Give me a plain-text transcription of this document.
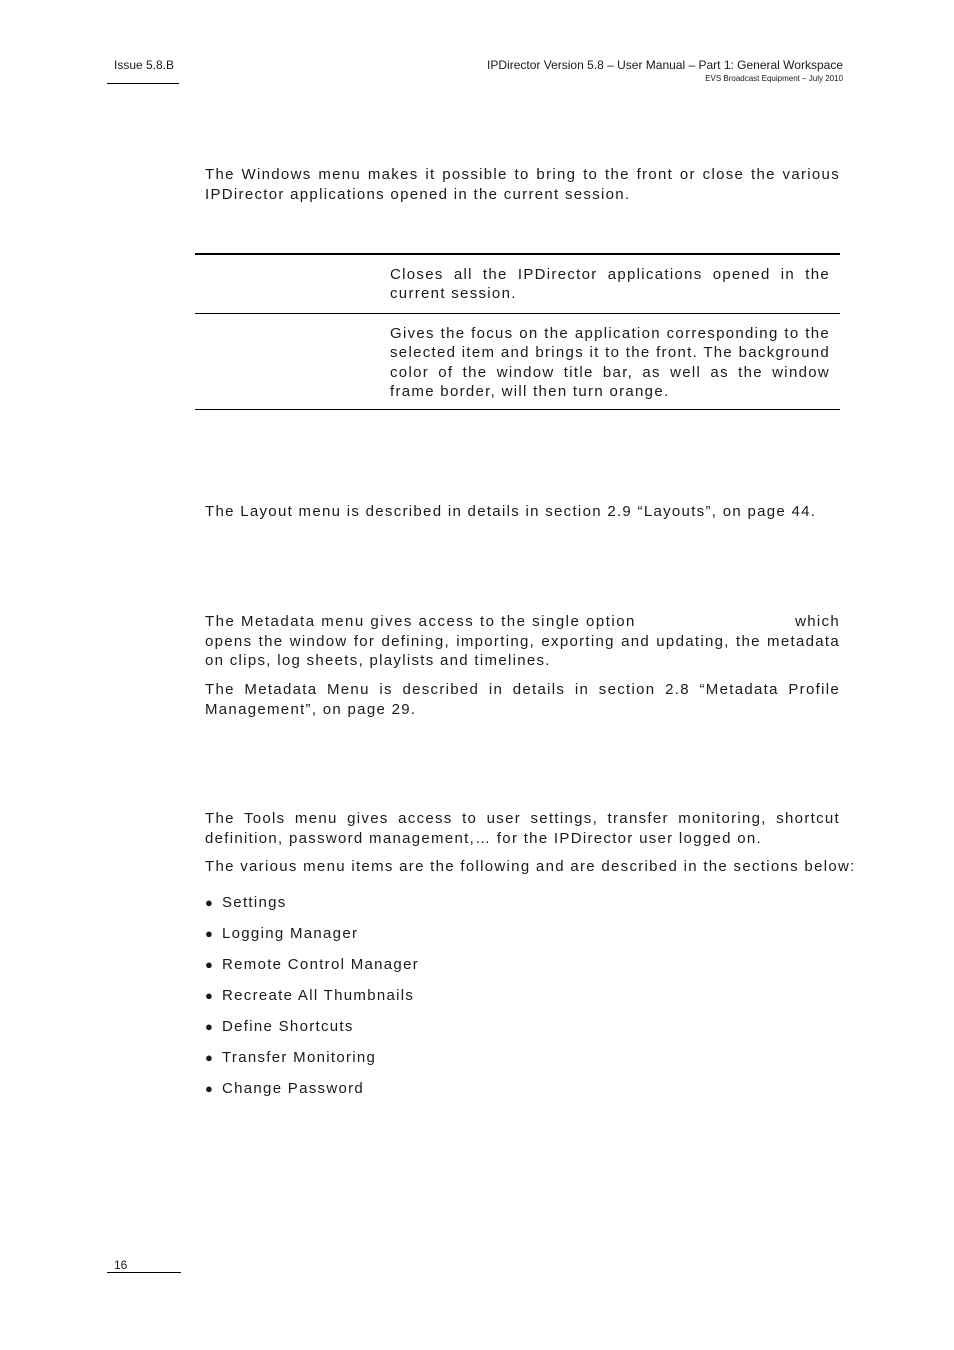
Issue 5.8.B	IPDirector Version 5.8 – User Manual – Part 1: General Workspace
EVS Broadcast Equipment – July 2010

The Windows menu makes it possible to bring to the front or close the various IPDirector applications opened in the current session.

Closes all the IPDirector applications opened in the current session.

Gives the focus on the application corresponding to the selected item and brings it to the front. The background color of the window title bar, as well as the window frame border, will then turn orange.

The Layout menu is described in details in section 2.9 “Layouts”, on page 44.

The Metadata menu gives access to the single option	which
opens the window for defining, importing, exporting and updating, the metadata on clips, log sheets, playlists and timelines.

The Metadata Menu is described in details in section 2.8 “Metadata Profile Management”, on page 29.

The Tools menu gives access to user settings, transfer monitoring, shortcut definition, password management,… for the IPDirector user logged on.

The various menu items are the following and are described in the sections below:

● Settings
● Logging Manager
● Remote Control Manager
● Recreate All Thumbnails
● Define Shortcuts
● Transfer Monitoring
● Change Password
16
